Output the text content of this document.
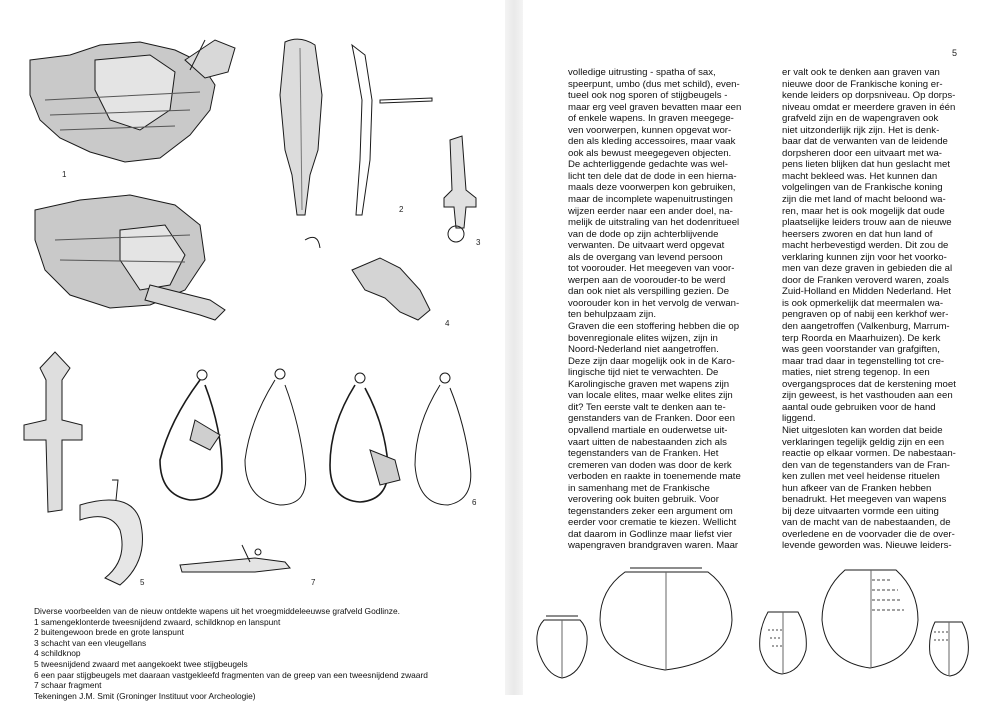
1
2
3
4
5
6
7
Diverse voorbeelden van de nieuw ontdekte wapens uit het vroegmiddeleeuwse grafveld Godlinze.
1 samengeklonterde tweesnijdend zwaard, schildknop en lanspunt
2 buitengewoon brede en grote lanspunt
3 schacht van een vleugellans
4 schildknop
5 tweesnijdend zwaard met aangekoekt twee stijgbeugels
6 een paar stijgbeugels met daaraan vastgekleefd fragmenten van de greep van een tweesnijdend zwaard
7 schaar fragment
Tekeningen J.M. Smit (Groninger Instituut voor Archeologie)
5
volledige uitrusting - spatha of sax,
speerpunt, umbo (dus met schild), even-
tueel ook nog sporen of stijgbeugels -
maar erg veel graven bevatten maar een
of enkele wapens. In graven meegege-
ven voorwerpen, kunnen opgevat wor-
den als kleding accessoires, maar vaak
ook als bewust meegegeven objecten.
De achterliggende gedachte was wel-
licht ten dele dat de dode in een hierna-
maals deze voorwerpen kon gebruiken,
maar de incomplete wapenuitrustingen
wijzen eerder naar een ander doel, na-
melijk de uitstraling van het dodenritueel
van de dode op zijn achterblijvende
verwanten. De uitvaart werd opgevat
als de overgang van levend persoon
tot voorouder. Het meegeven van voor-
werpen aan de voorouder-to be werd
dan ook niet als verspilling gezien. De
voorouder kon in het vervolg de verwan-
ten behulpzaam zijn.
Graven die een stoffering hebben die op
bovenregionale elites wijzen, zijn in
Noord-Nederland niet aangetroffen.
Deze zijn daar mogelijk ook in de Karo-
lingische tijd niet te verwachten. De
Karolingische graven met wapens zijn
van locale elites, maar welke elites zijn
dit? Ten eerste valt te denken aan te-
genstanders van de Franken. Door een
opvallend martiale en ouderwetse uit-
vaart uitten de nabestaanden zich als
tegenstanders van de Franken. Het
cremeren van doden was door de kerk
verboden en raakte in toenemende mate
in samenhang met de Frankische
verovering ook buiten gebruik. Voor
tegenstanders zeker een argument om
eerder voor crematie te kiezen. Wellicht
dat daarom in Godlinze maar liefst vier
wapengraven brandgraven waren. Maar
er valt ook te denken aan graven van
nieuwe door de Frankische koning er-
kende leiders op dorpsniveau. Op dorps-
niveau omdat er meerdere graven in één
grafveld zijn en de wapengraven ook
niet uitzonderlijk rijk zijn. Het is denk-
baar dat de verwanten van de leidende
dorpsheren door een uitvaart met wa-
pens lieten blijken dat hun geslacht met
macht bekleed was. Het kunnen dan
volgelingen van de Frankische koning
zijn die met land of macht beloond wa-
ren, maar het is ook mogelijk dat oude
plaatselijke leiders trouw aan de nieuwe
heersers zworen en dat hun land of
macht herbevestigd werden. Dit zou de
verklaring kunnen zijn voor het voorko-
men van deze graven in gebieden die al
door de Franken veroverd waren, zoals
Zuid-Holland en Midden Nederland. Het
is ook opmerkelijk dat meermalen wa-
pengraven op of nabij een kerkhof wer-
den aangetroffen (Valkenburg, Marrum-
terp Roorda en Maarhuizen). De kerk
was geen voorstander van grafgiften,
maar trad daar in tegenstelling tot cre-
maties, niet streng tegenop. In een
overgangsproces dat de kerstening moet
zijn geweest, is het vasthouden aan een
aantal oude gebruiken voor de hand
liggend.
Niet uitgesloten kan worden dat beide
verklaringen tegelijk geldig zijn en een
reactie op elkaar vormen. De nabestaan-
den van de tegenstanders van de Fran-
ken zullen met veel heidense rituelen
hun afkeer van de Franken hebben
benadrukt. Het meegeven van wapens
bij deze uitvaarten vormde een uiting
van de macht van de nabestaanden, de
overledene en de voorvader die de over-
levende geworden was. Nieuwe leiders-
